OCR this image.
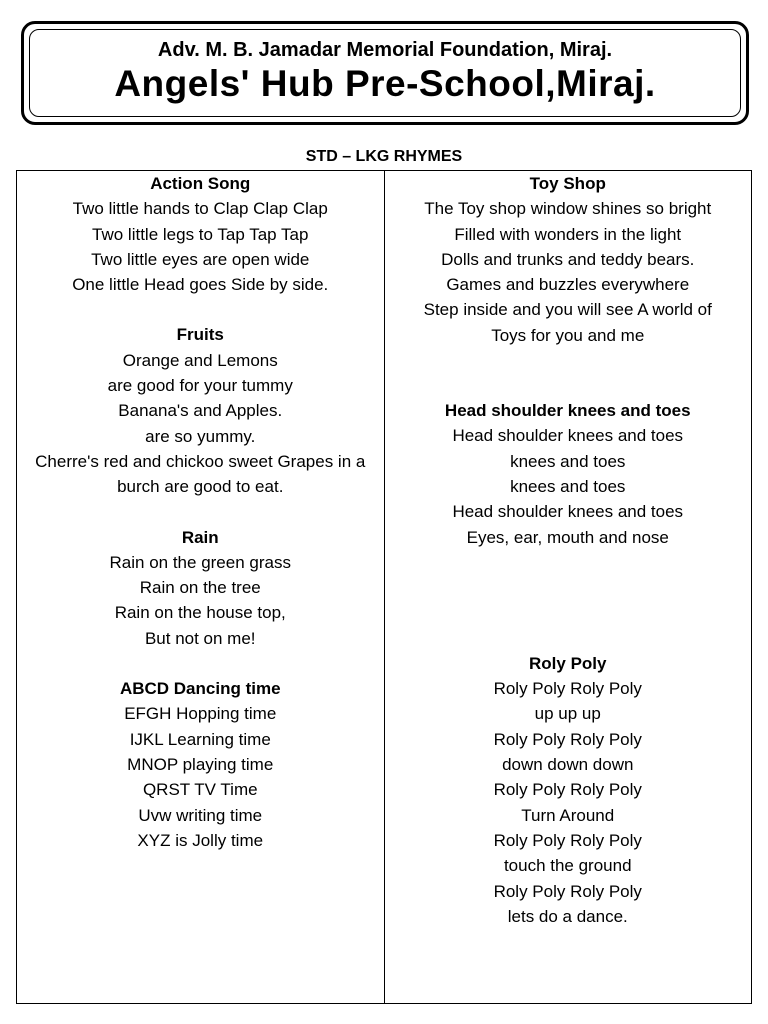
Adv. M. B. Jamadar Memorial Foundation, Miraj.
Angels' Hub Pre-School,Miraj.
STD – LKG RHYMES
Action Song
Two little hands to Clap Clap Clap
Two little legs to Tap Tap Tap
Two little eyes are open wide
One little Head goes Side by side.
Fruits
Orange and Lemons
are good for your tummy
Banana's and Apples.
are so yummy.
Cherre's red and chickoo sweet Grapes in a
burch are good to eat.
Rain
Rain on the green grass
Rain on the tree
Rain on the house top,
But not on me!
ABCD Dancing time
EFGH Hopping time
IJKL Learning time
MNOP playing time
QRST TV Time
Uvw writing time
XYZ is Jolly time
Toy Shop
The Toy shop window shines so bright
Filled with wonders in the light
Dolls and trunks and teddy bears.
Games and buzzles everywhere
Step inside and you will see A world of
Toys for you and me
Head shoulder knees and toes
Head shoulder knees and toes
knees and toes
knees and toes
Head shoulder knees and toes
Eyes, ear, mouth and nose
Roly Poly
Roly Poly Roly Poly
up up up
Roly Poly Roly Poly
down down down
Roly Poly Roly Poly
Turn Around
Roly Poly Roly Poly
touch the ground
Roly Poly Roly Poly
lets do a dance.
